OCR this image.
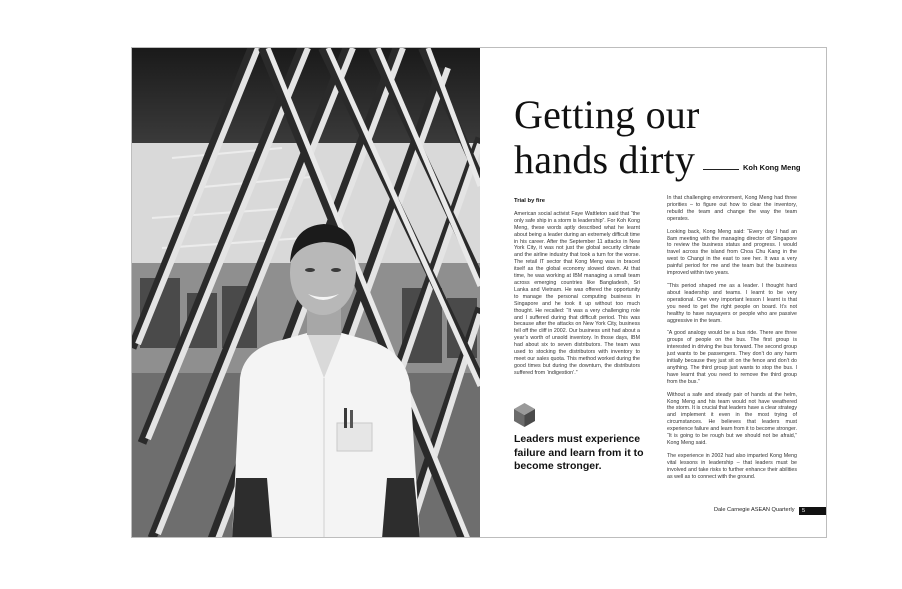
Getting our
hands dirty	Koh Kong Meng

Trial by fire

American social activist Faye Wattleton said that “the only safe ship in a storm is leadership”. For Koh Kong Meng, these words aptly described what he learnt about being a leader during an extremely difficult time in his career. After the September 11 attacks in New York City, it was not just the global security climate and the airline industry that took a turn for the worse. The retail IT sector that Kong Meng was in braced itself as the global economy slowed down. At that time, he was working at IBM managing a small team across emerging countries like Bangladesh, Sri Lanka and Vietnam. He was offered the opportunity to manage the personal computing business in Singapore and he took it up without too much thought. He recalled: “It was a very challenging role and I suffered during that difficult period. This was because after the attacks on New York City, business fell off the cliff in 2002. Our business unit had about a year’s worth of unsold inventory. In those days, IBM had about six to seven distributors. The team was used to stocking the distributors with inventory to meet our sales quota. This method worked during the good times but during the downturn, the distributors suffered from ‘indigestion’.”

Leaders must experience failure and learn from it to become stronger.

In that challenging environment, Kong Meng had three priorities – to figure out how to clear the inventory, rebuild the team and change the way the team operates.

Looking back, Kong Meng said: “Every day I had an 8am meeting with the managing director of Singapore to review the business status and progress. I would travel across the island from Choa Chu Kang in the west to Changi in the east to see her. It was a very painful period for me and the team but the business improved within two years.

“This period shaped me as a leader. I thought hard about leadership and teams. I learnt to be very operational. One very important lesson I learnt is that you need to get the right people on board. It’s not healthy to have naysayers or people who are passive aggressive in the team.

“A good analogy would be a bus ride. There are three groups of people on the bus. The first group is interested in driving the bus forward. The second group just wants to be passengers. They don’t do any harm initially because they just sit on the fence and don’t do anything. The third group just wants to stop the bus. I have learnt that you need to remove the third group from the bus.”

Without a safe and steady pair of hands at the helm, Kong Meng and his team would not have weathered the storm. It is crucial that leaders have a clear strategy and implement it even in the most trying of circumstances. He believes that leaders must experience failure and learn from it to become stronger. “It is going to be rough but we should not be afraid,” Kong Meng said.

The experience in 2002 had also imparted Kong Meng vital lessons in leadership – that leaders must be involved and take risks to further enhance their abilities as well as to connect with the ground.

Dale Carnegie ASEAN Quarterly	5
